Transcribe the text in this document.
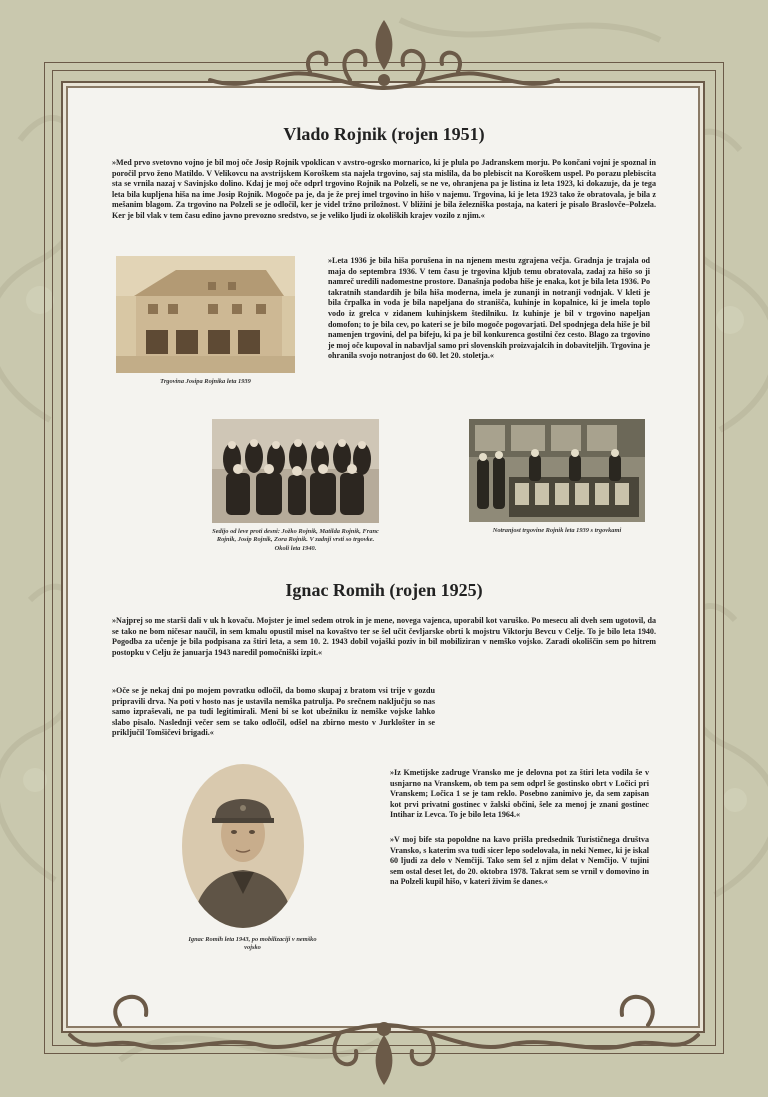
Vlado Rojnik (rojen 1951)

»Med prvo svetovno vojno je bil moj oče Josip Rojnik vpoklican v avstro-ogrsko mornarico, ki je plula po Jadranskem morju. Po končani vojni je spoznal in poročil prvo ženo Matildo. V Velikovcu na avstrijskem Koroškem sta najela trgovino, saj sta mislila, da bo plebiscit na Koroškem uspel. Po porazu plebiscita sta se vrnila nazaj v Savinjsko dolino. Kdaj je moj oče odprl trgovino Rojnik na Polzeli, se ne ve, ohranjena pa je listina iz leta 1923, ki dokazuje, da je tega leta bila kupljena hiša na ime Josip Rojnik. Mogoče pa je, da je že prej imel trgovino in hišo v najemu. Trgovina, ki je leta 1923 tako že obratovala, je bila z mešanim blagom. Za trgovino na Polzeli se je odločil, ker je videl tržno priložnost. V bližini je bila železniška postaja, na kateri je pisalo Braslovče–Polzela. Ker je bil vlak v tem času edino javno prevozno sredstvo, se je veliko ljudi iz okoliških krajev vozilo z njim.«

Trgovina Josipa Rojnika leta 1939

»Leta 1936 je bila hiša porušena in na njenem mestu zgrajena večja. Gradnja je trajala od maja do septembra 1936. V tem času je trgovina kljub temu obratovala, zadaj za hišo so ji namreč uredili nadomestne prostore. Današnja podoba hiše je enaka, kot je bila leta 1936. Po takratnih standardih je bila hiša moderna, imela je zunanji in notranji vodnjak. V kleti je bila črpalka in voda je bila napeljana do stranišča, kuhinje in kopalnice, ki je imela toplo vodo iz grelca v zidanem kuhinjskem štedilniku. Iz kuhinje je bil v trgovino napeljan domofon; to je bila cev, po kateri se je bilo mogoče pogovarjati. Del spodnjega dela hiše je bil namenjen trgovini, del pa bifeju, ki pa je bil konkurenca gostilni čez cesto. Blago za trgovino je moj oče kupoval in nabavljal samo pri slovenskih proizvajalcih in dobaviteljih. Trgovina je ohranila svojo notranjost do 60. let 20. stoletja.«

Sedijo od leve proti desni: Jožko Rojnik, Matilda Rojnik, Franc Rojnik, Josip Rojnik, Zora Rojnik. V zadnji vrsti so trgovke. Okoli leta 1940.
Notranjost trgovine Rojnik leta 1939 s trgovkami
Ignac Romih (rojen 1925)

»Najprej so me starši dali v uk h kovaču. Mojster je imel sedem otrok in je mene, novega vajenca, uporabil kot varuško. Po mesecu ali dveh sem ugotovil, da se tako ne bom ničesar naučil, in sem kmalu opustil misel na kovaštvo ter se šel učit čevljarske obrti k mojstru Viktorju Bevcu v Celje. To je bilo leta 1940. Pogodba za učenje je bila podpisana za štiri leta, a sem 10. 2. 1943 dobil vojaški poziv in bil mobiliziran v nemško vojsko. Zaradi okoliščin sem po hitrem postopku v Celju že januarja 1943 naredil pomočniški izpit.«

»Oče se je nekaj dni po mojem povratku odločil, da bomo skupaj z bratom vsi trije v gozdu pripravili drva. Na poti v hosto nas je ustavila nemška patrulja. Po srečnem naključju so nas samo izpraševali, ne pa tudi legitimirali. Meni bi se kot ubežniku iz nemške vojske lahko slabo pisalo. Naslednji večer sem se tako odločil, odšel na zbirno mesto v Jurklošter in se priključil Tomšičevi brigadi.«

Ignac Romih leta 1943, po mobilizaciji v nemško vojsko

»Iz Kmetijske zadruge Vransko me je delovna pot za štiri leta vodila še v usnjarno na Vranskem, ob tem pa sem odprl še gostinsko obrt v Ločici pri Vranskem; Ločica 1 se je tam reklo. Posebno zanimivo je, da sem zapisan kot prvi privatni gostinec v žalski občini, šele za menoj je znani gostinec Intihar iz Levca. To je bilo leta 1964.«

»V moj bife sta popoldne na kavo prišla predsednik Turističnega društva Vransko, s katerim sva tudi sicer lepo sodelovala, in neki Nemec, ki je iskal 60 ljudi za delo v Nemčiji. Tako sem šel z njim delat v Nemčijo. V tujini sem ostal deset let, do 20. oktobra 1978. Takrat sem se vrnil v domovino in na Polzeli kupil hišo, v kateri živim še danes.«
